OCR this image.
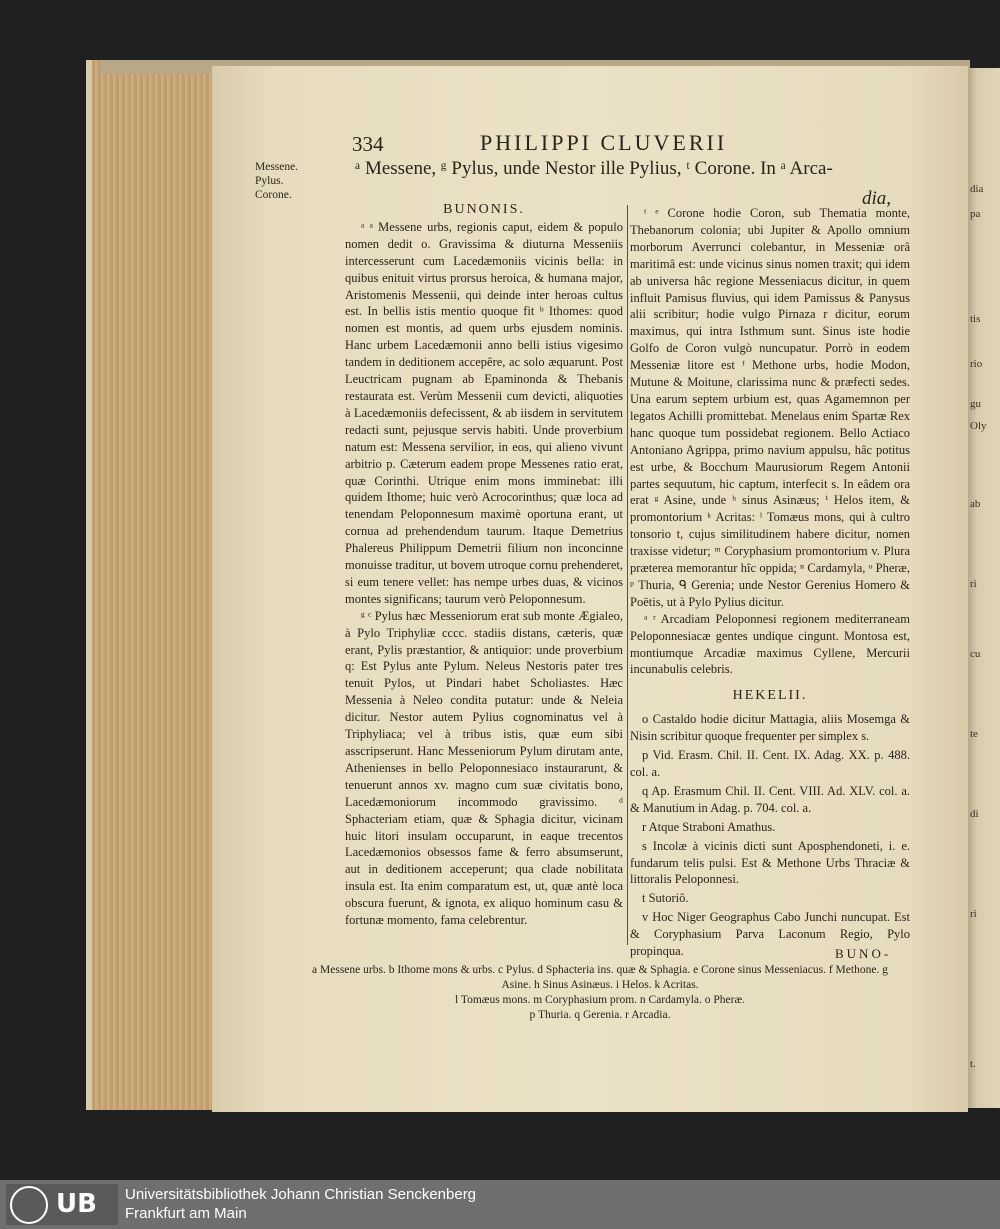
dia
pa
tis
rio
gu
Oly
ab
ri
cu
te
di
ri
t.
334	PHILIPPI CLUVERII
Messene.
Pylus.
Corone.
ᵃ Messene, ᵍ Pylus, unde Nestor ille Pylius, ᵗ Corone. In ᵃ Arca-
dia,
BUNONIS.

ᵃ ᵃ Messene urbs, regionis caput, eidem & populo nomen dedit o. Gravissima & diuturna Messeniis intercesserunt cum Lacedæmoniis vicinis bella: in quibus enituit virtus prorsus heroica, & humana major, Aristomenis Messenii, qui deinde inter heroas cultus est. In bellis istis mentio quoque fit ᵇ Ithomes: quod nomen est montis, ad quem urbs ejusdem nominis. Hanc urbem Lacedæmonii anno belli istius vigesimo tandem in deditionem accepêre, ac solo æquarunt. Post Leuctricam pugnam ab Epaminonda & Thebanis restaurata est. Verùm Messenii cum devicti, aliquoties à Lacedæmoniis defecissent, & ab iisdem in servitutem redacti sunt, pejusque servis habiti. Unde proverbium natum est: Messena servilior, in eos, qui alieno vivunt arbitrio p. Cæterum eadem prope Messenes ratio erat, quæ Corinthi. Utrique enim mons imminebat: illi quidem Ithome; huic verò Acrocorinthus; quæ loca ad tenendam Peloponnesum maximè oportuna erant, ut cornua ad prehendendum taurum. Itaque Demetrius Phalereus Philippum Demetrii filium non inconcinne monuisse traditur, ut bovem utroque cornu prehenderet, si eum tenere vellet: has nempe urbes duas, & vicinos montes significans; taurum verò Peloponnesum.

ᵍ ᶜ Pylus hæc Messeniorum erat sub monte Ægialeo, à Pylo Triphyliæ cccc. stadiis distans, cæteris, quæ erant, Pylis præstantior, & antiquior: unde proverbium q: Est Pylus ante Pylum. Neleus Nestoris pater tres tenuit Pylos, ut Pindari habet Scholiastes. Hæc Messenia à Neleo condita putatur: unde & Neleia dicitur. Nestor autem Pylius cognominatus vel à Triphyliaca; vel à tribus istis, quæ eum sibi asscripserunt. Hanc Messeniorum Pylum dirutam ante, Athenienses in bello Peloponnesiaco instaurarunt, & tenuerunt annos xv. magno cum suæ civitatis bono, Lacedæmoniorum incommodo gravissimo. ᵈ Sphacteriam etiam, quæ & Sphagia dicitur, vicinam huic litori insulam occuparunt, in eaque trecentos Lacedæmonios obsessos fame & ferro absumserunt, aut in deditionem acceperunt; qua clade nobilitata insula est. Ita enim comparatum est, ut, quæ antè loca obscura fuerunt, & ignota, ex aliquo hominum casu & fortunæ momento, fama celebrentur.

ᵗ ᵉ Corone hodie Coron, sub Thematia monte, Thebanorum colonia; ubi Jupiter & Apollo omnium morborum Averrunci colebantur, in Messeniæ orâ maritimâ est: unde vicinus sinus nomen traxit; qui idem ab universa hâc regione Messeniacus dicitur, in quem influit Pamisus fluvius, qui idem Pamissus & Panysus alii scribitur; hodie vulgo Pirnaza r dicitur, eorum maximus, qui intra Isthmum sunt. Sinus iste hodie Golfo de Coron vulgò nuncupatur. Porrò in eodem Messeniæ litore est ᶠ Methone urbs, hodie Modon, Mutune & Moitune, clarissima nunc & præfecti sedes. Una earum septem urbium est, quas Agamemnon per legatos Achilli promittebat. Menelaus enim Spartæ Rex hanc quoque tum possidebat regionem. Bello Actiaco Antoniano Agrippa, primo navium appulsu, hâc potitus est urbe, & Bocchum Maurusiorum Regem Antonii partes sequutum, hic captum, interfecit s. In eâdem ora erat ᵍ Asine, unde ʰ sinus Asinæus; ⁱ Helos item, & promontorium ᵏ Acritas: ˡ Tomæus mons, qui à cultro tonsorio t, cujus similitudinem habere dicitur, nomen traxisse videtur; ᵐ Coryphasium promontorium v. Plura præterea memorantur hîc oppida; ⁿ Cardamyla, ᵒ Pheræ, ᵖ Thuria, ᑫ Gerenia; unde Nestor Gerenius Homero & Poëtis, ut à Pylo Pylius dicitur.

ᵃ ʳ Arcadiam Peloponnesi regionem mediterraneam Peloponnesiacæ gentes undique cingunt. Montosa est, montiumque Arcadiæ maximus Cyllene, Mercurii incunabulis celebris.

HEKELII.

o Castaldo hodie dicitur Mattagia, aliis Mosemga & Nisin scribitur quoque frequenter per simplex s.

p Vid. Erasm. Chil. II. Cent. IX. Adag. XX. p. 488. col. a.

q Ap. Erasmum Chil. II. Cent. VIII. Ad. XLV. col. a. & Manutium in Adag. p. 704. col. a.

r Atque Straboni Amathus.

s Incolæ à vicinis dicti sunt Aposphendoneti, i. e. fundarum telis pulsi. Est & Methone Urbs Thraciæ & littoralis Peloponnesi.

t Sutoriô.

v Hoc Niger Geographus Cabo Junchi nuncupat. Est & Coryphasium Parva Laconum Regio, Pylo propinqua.	BUNO-
a Messene urbs. b Ithome mons & urbs. c Pylus. d Sphacteria ins. quæ & Sphagia. e Corone sinus Messeniacus. f Methone. g Asine. h Sinus Asinæus. i Helos. k Acritas.
l Tomæus mons. m Coryphasium prom. n Cardamyla. o Pheræ.
p Thuria. q Gerenia. r Arcadia.
UB Universitätsbibliothek Johann Christian Senckenberg
Frankfurt am Main
